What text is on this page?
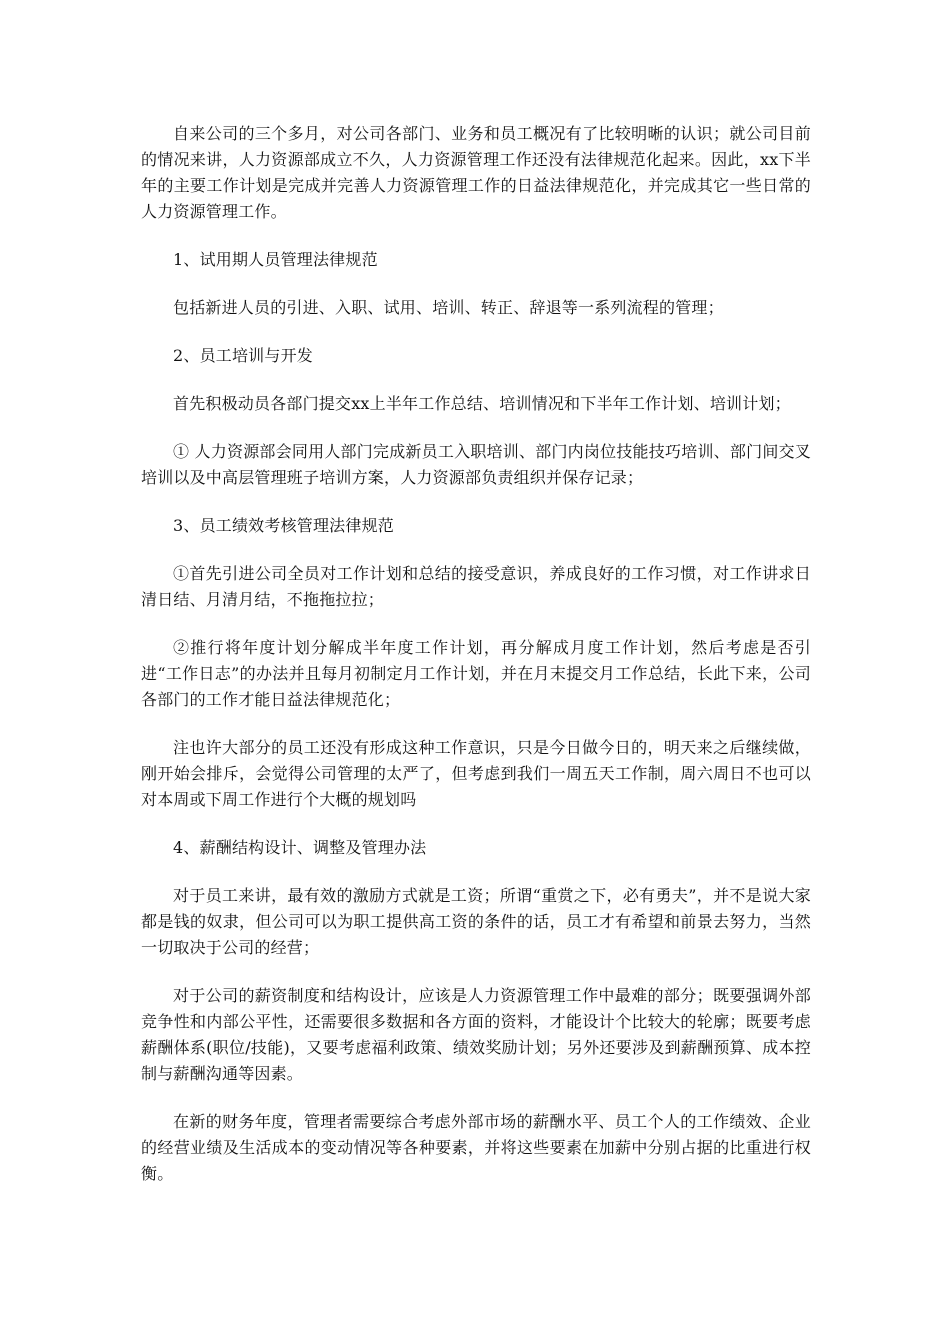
自来公司的三个多月，对公司各部门、业务和员工概况有了比较明晰的认识；就公司目前的情况来讲，人力资源部成立不久，人力资源管理工作还没有法律规范化起来。因此，xx下半年的主要工作计划是完成并完善人力资源管理工作的日益法律规范化，并完成其它一些日常的人力资源管理工作。

1、试用期人员管理法律规范

包括新进人员的引进、入职、试用、培训、转正、辞退等一系列流程的管理；

2、员工培训与开发

首先积极动员各部门提交xx上半年工作总结、培训情况和下半年工作计划、培训计划；

① 人力资源部会同用人部门完成新员工入职培训、部门内岗位技能技巧培训、部门间交叉培训以及中高层管理班子培训方案，人力资源部负责组织并保存记录；

3、员工绩效考核管理法律规范

①首先引进公司全员对工作计划和总结的接受意识，养成良好的工作习惯，对工作讲求日清日结、月清月结，不拖拖拉拉；

②推行将年度计划分解成半年度工作计划，再分解成月度工作计划，然后考虑是否引进“工作日志”的办法并且每月初制定月工作计划，并在月末提交月工作总结，长此下来，公司各部门的工作才能日益法律规范化；

注也许大部分的员工还没有形成这种工作意识，只是今日做今日的，明天来之后继续做，刚开始会排斥，会觉得公司管理的太严了，但考虑到我们一周五天工作制，周六周日不也可以对本周或下周工作进行个大概的规划吗

4、薪酬结构设计、调整及管理办法

对于员工来讲，最有效的激励方式就是工资；所谓“重赏之下，必有勇夫”，并不是说大家都是钱的奴隶，但公司可以为职工提供高工资的条件的话，员工才有希望和前景去努力，当然一切取决于公司的经营；

对于公司的薪资制度和结构设计，应该是人力资源管理工作中最难的部分；既要强调外部竞争性和内部公平性，还需要很多数据和各方面的资料，才能设计个比较大的轮廓；既要考虑薪酬体系(职位/技能)，又要考虑福利政策、绩效奖励计划；另外还要涉及到薪酬预算、成本控制与薪酬沟通等因素。

在新的财务年度，管理者需要综合考虑外部市场的薪酬水平、员工个人的工作绩效、企业的经营业绩及生活成本的变动情况等各种要素，并将这些要素在加薪中分别占据的比重进行权衡。
